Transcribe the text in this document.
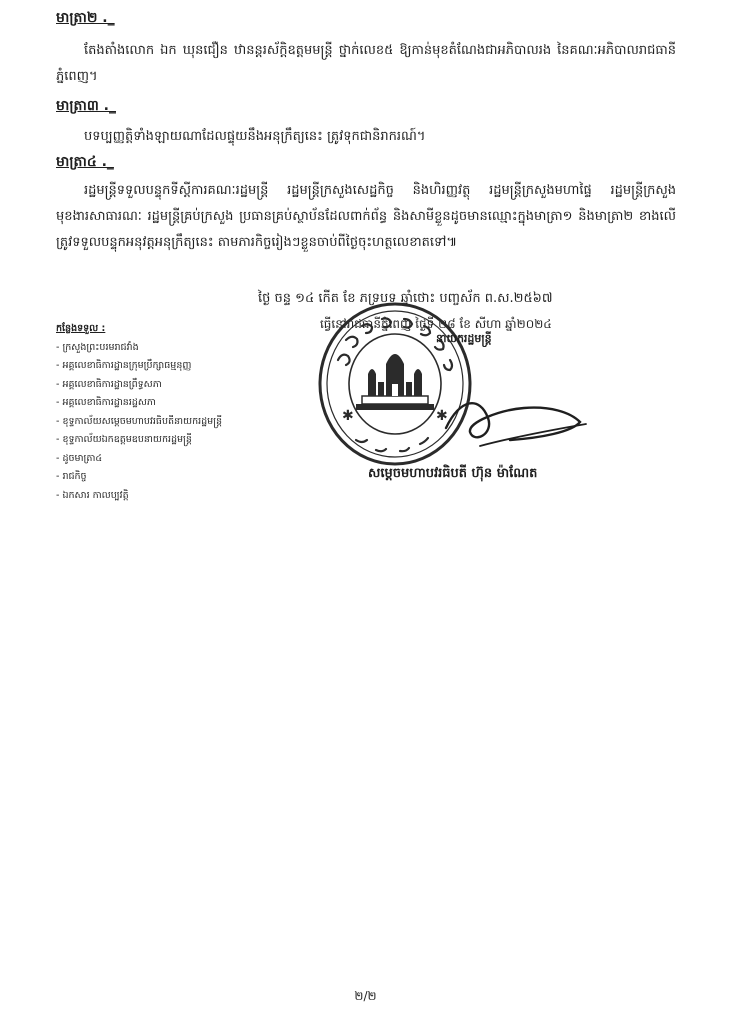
មាត្រា២ ._
តែងតាំងលោក ឯក ឃុនជឿន ឋានន្តរស័ក្តិឧត្តមមន្ត្រី ថ្នាក់លេខ៥ ឱ្យកាន់មុខតំណែងជាអភិបាលរង នៃគណៈអភិបាលរាជធានីភ្នំពេញ។
មាត្រា៣ ._
បទប្បញ្ញត្តិទាំងឡាយណាដែលផ្ទុយនឹងអនុក្រឹត្យនេះ ត្រូវទុកជានិរាករណ៍។
មាត្រា៤ ._
រដ្ឋមន្ត្រីទទួលបន្ទុកទីស្តីការគណៈរដ្ឋមន្ត្រី រដ្ឋមន្ត្រីក្រសួងសេដ្ឋកិច្ច និងហិរញ្ញវត្ថុ រដ្ឋមន្ត្រីក្រសួងមហាផ្ទៃ រដ្ឋមន្ត្រីក្រសួងមុខងារសាធារណៈ រដ្ឋមន្ត្រីគ្រប់ក្រសួង ប្រធានគ្រប់ស្ថាប័នដែលពាក់ព័ន្ធ និងសាមីខ្លួនដូចមានឈ្មោះក្នុងមាត្រា១ និងមាត្រា២ ខាងលើ ត្រូវទទួលបន្ទុកអនុវត្តអនុក្រឹត្យនេះ តាមភារកិច្ចរៀងៗខ្លួនចាប់ពីថ្ងៃចុះហត្ថលេខាតទៅ៕
ថ្ងៃ ចន្ទ ១៤ កើត ខែ ភទ្របទ ឆ្នាំថោះ បញ្ចស័ក ព.ស.២៥៦៧
ធ្វើនៅរាជធានីភ្នំពេញ ថ្ងៃទី ២៨ ខែ សីហា ឆ្នាំ២០២៤
កន្លែងទទួល :
- ក្រសួងព្រះបរមរាជវាំង
- អគ្គលេខាធិការដ្ឋានក្រុមប្រឹក្សាធម្មនុញ្ញ
- អគ្គលេខាធិការដ្ឋានព្រឹទ្ធសភា
- អគ្គលេខាធិការដ្ឋានរដ្ឋសភា
- ខុទ្ទកាល័យសម្តេចមហាបវរធិបតីនាយករដ្ឋមន្ត្រី
- ខុទ្ទកាល័យឯកឧត្តមឧបនាយករដ្ឋមន្ត្រី
- ដូចមាត្រា៤
- រាជកិច្ច
- ឯកសារ កាលប្បវត្តិ
✱	✱
នាយករដ្ឋមន្ត្រី
សម្តេចមហាបវរធិបតី ហ៊ុន ម៉ាណែត
២/២
